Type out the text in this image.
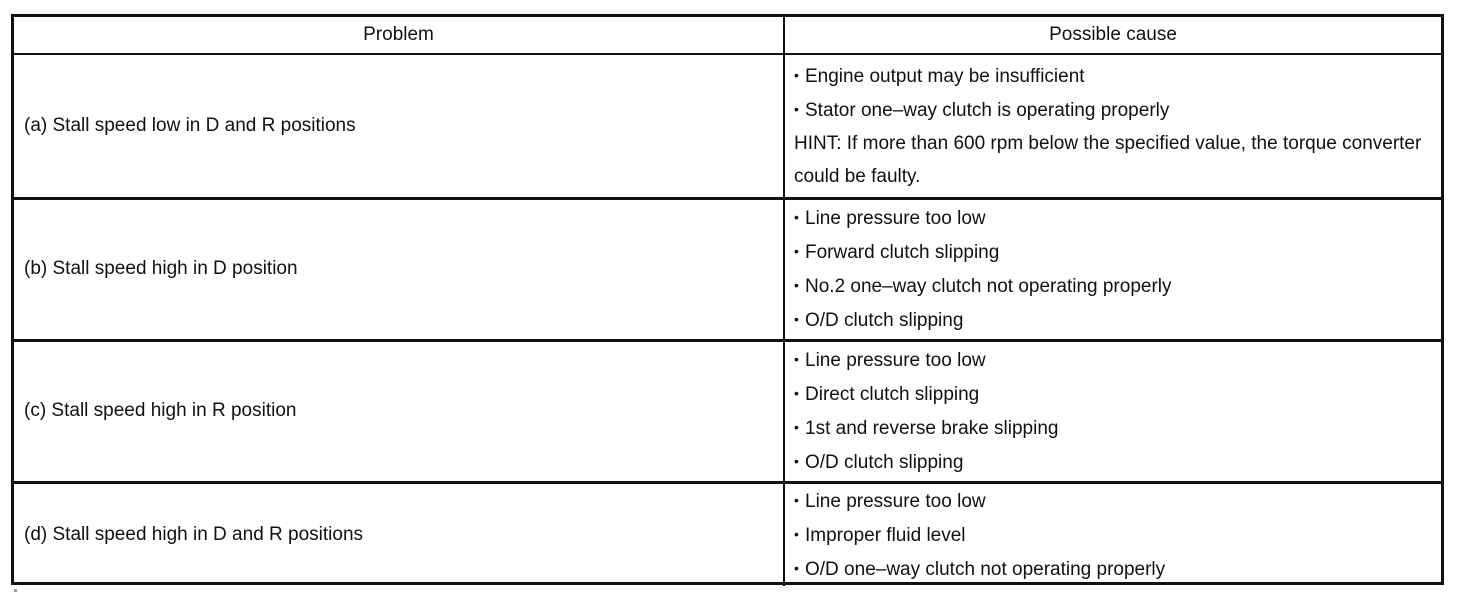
Problem	Possible cause
(a) Stall speed low in D and R positions	• Engine output may be insufficient
• Stator one–way clutch is operating properly
HINT: If more than 600 rpm below the specified value, the torque converter could be faulty.

(b) Stall speed high in D position	• Line pressure too low
• Forward clutch slipping
• No.2 one–way clutch not operating properly
• O/D clutch slipping

(c) Stall speed high in R position	• Line pressure too low
• Direct clutch slipping
• 1st and reverse brake slipping
• O/D clutch slipping

(d) Stall speed high in D and R positions	• Line pressure too low
• Improper fluid level
• O/D one–way clutch not operating properly
